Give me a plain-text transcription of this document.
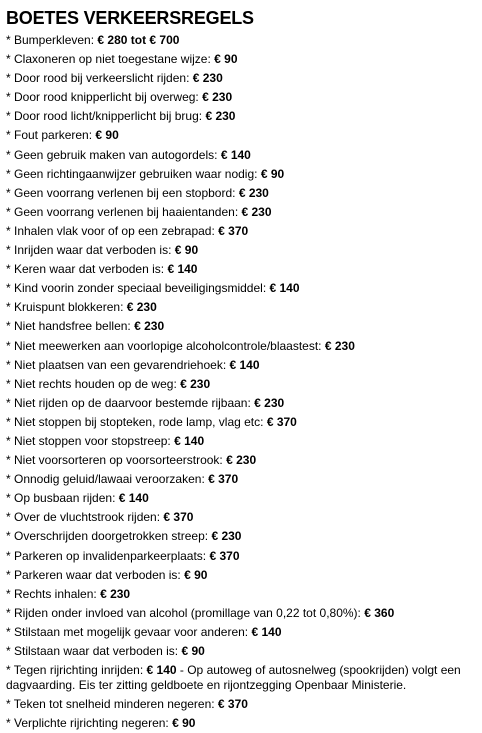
BOETES VERKEERSREGELS
* Bumperkleven: € 280 tot € 700
* Claxoneren op niet toegestane wijze: € 90
* Door rood bij verkeerslicht rijden: € 230
* Door rood knipperlicht bij overweg: € 230
* Door rood licht/knipperlicht bij brug: € 230
* Fout parkeren: € 90
* Geen gebruik maken van autogordels: € 140
* Geen richtingaanwijzer gebruiken waar nodig: € 90
* Geen voorrang verlenen bij een stopbord: € 230
* Geen voorrang verlenen bij haaientanden: € 230
* Inhalen vlak voor of op een zebrapad: € 370
* Inrijden waar dat verboden is: € 90
* Keren waar dat verboden is: € 140
* Kind voorin zonder speciaal beveiligingsmiddel: € 140
* Kruispunt blokkeren: € 230
* Niet handsfree bellen: € 230
* Niet meewerken aan voorlopige alcoholcontrole/blaastest: € 230
* Niet plaatsen van een gevarendriehoek: € 140
* Niet rechts houden op de weg: € 230
* Niet rijden op de daarvoor bestemde rijbaan: € 230
* Niet stoppen bij stopteken, rode lamp, vlag etc: € 370
* Niet stoppen voor stopstreep: € 140
* Niet voorsorteren op voorsorteerstrook: € 230
* Onnodig geluid/lawaai veroorzaken: € 370
* Op busbaan rijden: € 140
* Over de vluchtstrook rijden: € 370
* Overschrijden doorgetrokken streep: € 230
* Parkeren op invalidenparkeerplaats: € 370
* Parkeren waar dat verboden is: € 90
* Rechts inhalen: € 230
* Rijden onder invloed van alcohol (promillage van 0,22 tot 0,80%): € 360
* Stilstaan met mogelijk gevaar voor anderen: € 140
* Stilstaan waar dat verboden is: € 90
* Tegen rijrichting inrijden: € 140 - Op autoweg of autosnelweg (spookrijden) volgt een dagvaarding. Eis ter zitting geldboete en rijontzegging Openbaar Ministerie.
* Teken tot snelheid minderen negeren: € 370
* Verplichte rijrichting negeren: € 90
